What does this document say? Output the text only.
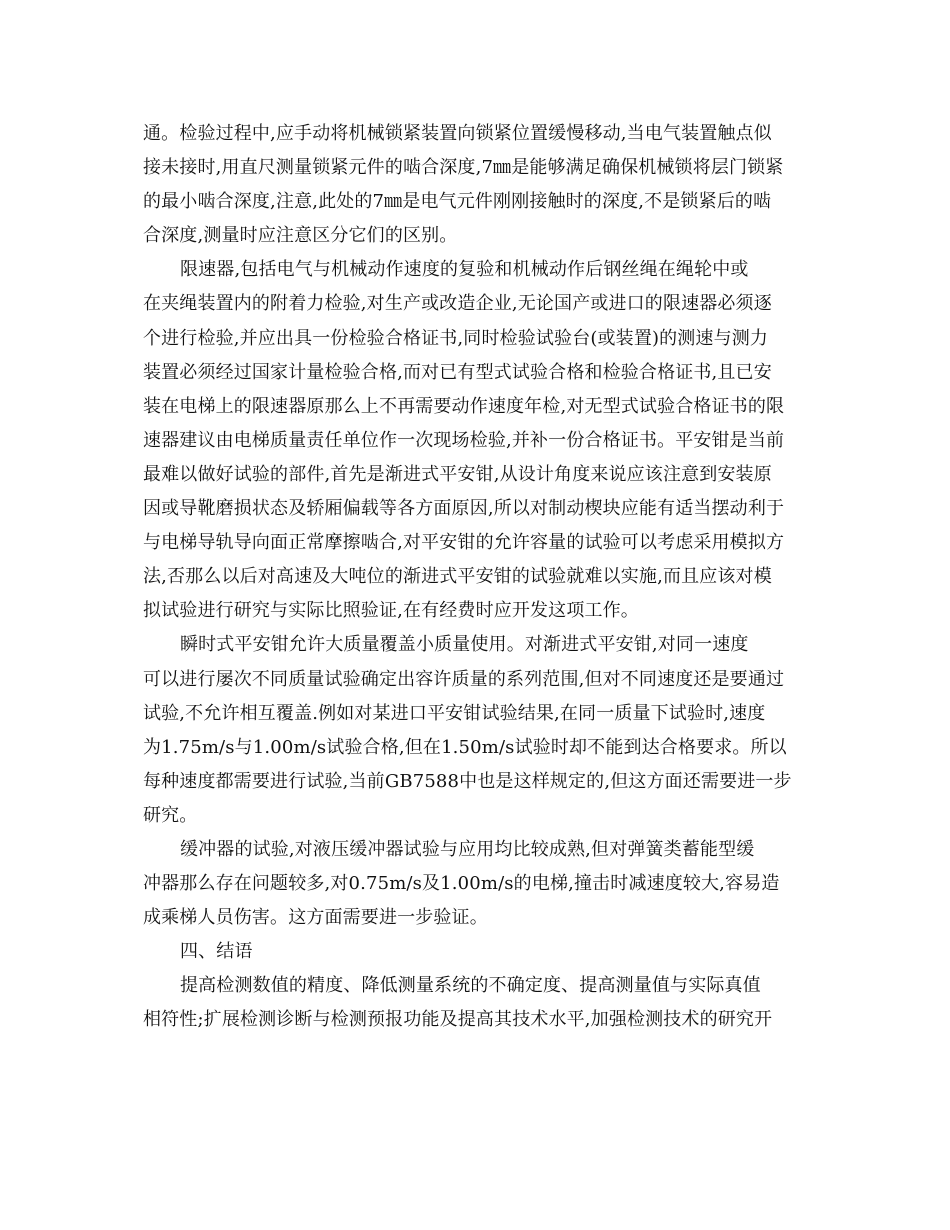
通。检验过程中,应手动将机械锁紧装置向锁紧位置缓慢移动,当电气装置触点似
接未接时,用直尺测量锁紧元件的啮合深度,7㎜是能够满足确保机械锁将层门锁紧
的最小啮合深度,注意,此处的7㎜是电气元件刚刚接触时的深度,不是锁紧后的啮
合深度,测量时应注意区分它们的区别。
限速器,包括电气与机械动作速度的复验和机械动作后钢丝绳在绳轮中或
在夹绳装置内的附着力检验,对生产或改造企业,无论国产或进口的限速器必须逐
个进行检验,并应出具一份检验合格证书,同时检验试验台(或装置)的测速与测力
装置必须经过国家计量检验合格,而对已有型式试验合格和检验合格证书,且已安
装在电梯上的限速器原那么上不再需要动作速度年检,对无型式试验合格证书的限
速器建议由电梯质量责任单位作一次现场检验,并补一份合格证书。平安钳是当前
最难以做好试验的部件,首先是渐进式平安钳,从设计角度来说应该注意到安装原
因或导靴磨损状态及轿厢偏载等各方面原因,所以对制动楔块应能有适当摆动利于
与电梯导轨导向面正常摩擦啮合,对平安钳的允许容量的试验可以考虑采用模拟方
法,否那么以后对高速及大吨位的渐进式平安钳的试验就难以实施,而且应该对模
拟试验进行研究与实际比照验证,在有经费时应开发这项工作。
瞬时式平安钳允许大质量覆盖小质量使用。对渐进式平安钳,对同一速度
可以进行屡次不同质量试验确定出容许质量的系列范围,但对不同速度还是要通过
试验,不允许相互覆盖.例如对某进口平安钳试验结果,在同一质量下试验时,速度
为1.75m/s与1.00m/s试验合格,但在1.50m/s试验时却不能到达合格要求。所以
每种速度都需要进行试验,当前GB7588中也是这样规定的,但这方面还需要进一步
研究。
缓冲器的试验,对液压缓冲器试验与应用均比较成熟,但对弹簧类蓄能型缓
冲器那么存在问题较多,对0.75m/s及1.00m/s的电梯,撞击时减速度较大,容易造
成乘梯人员伤害。这方面需要进一步验证。
四、结语
提高检测数值的精度、降低测量系统的不确定度、提高测量值与实际真值
相符性;扩展检测诊断与检测预报功能及提高其技术水平,加强检测技术的研究开
